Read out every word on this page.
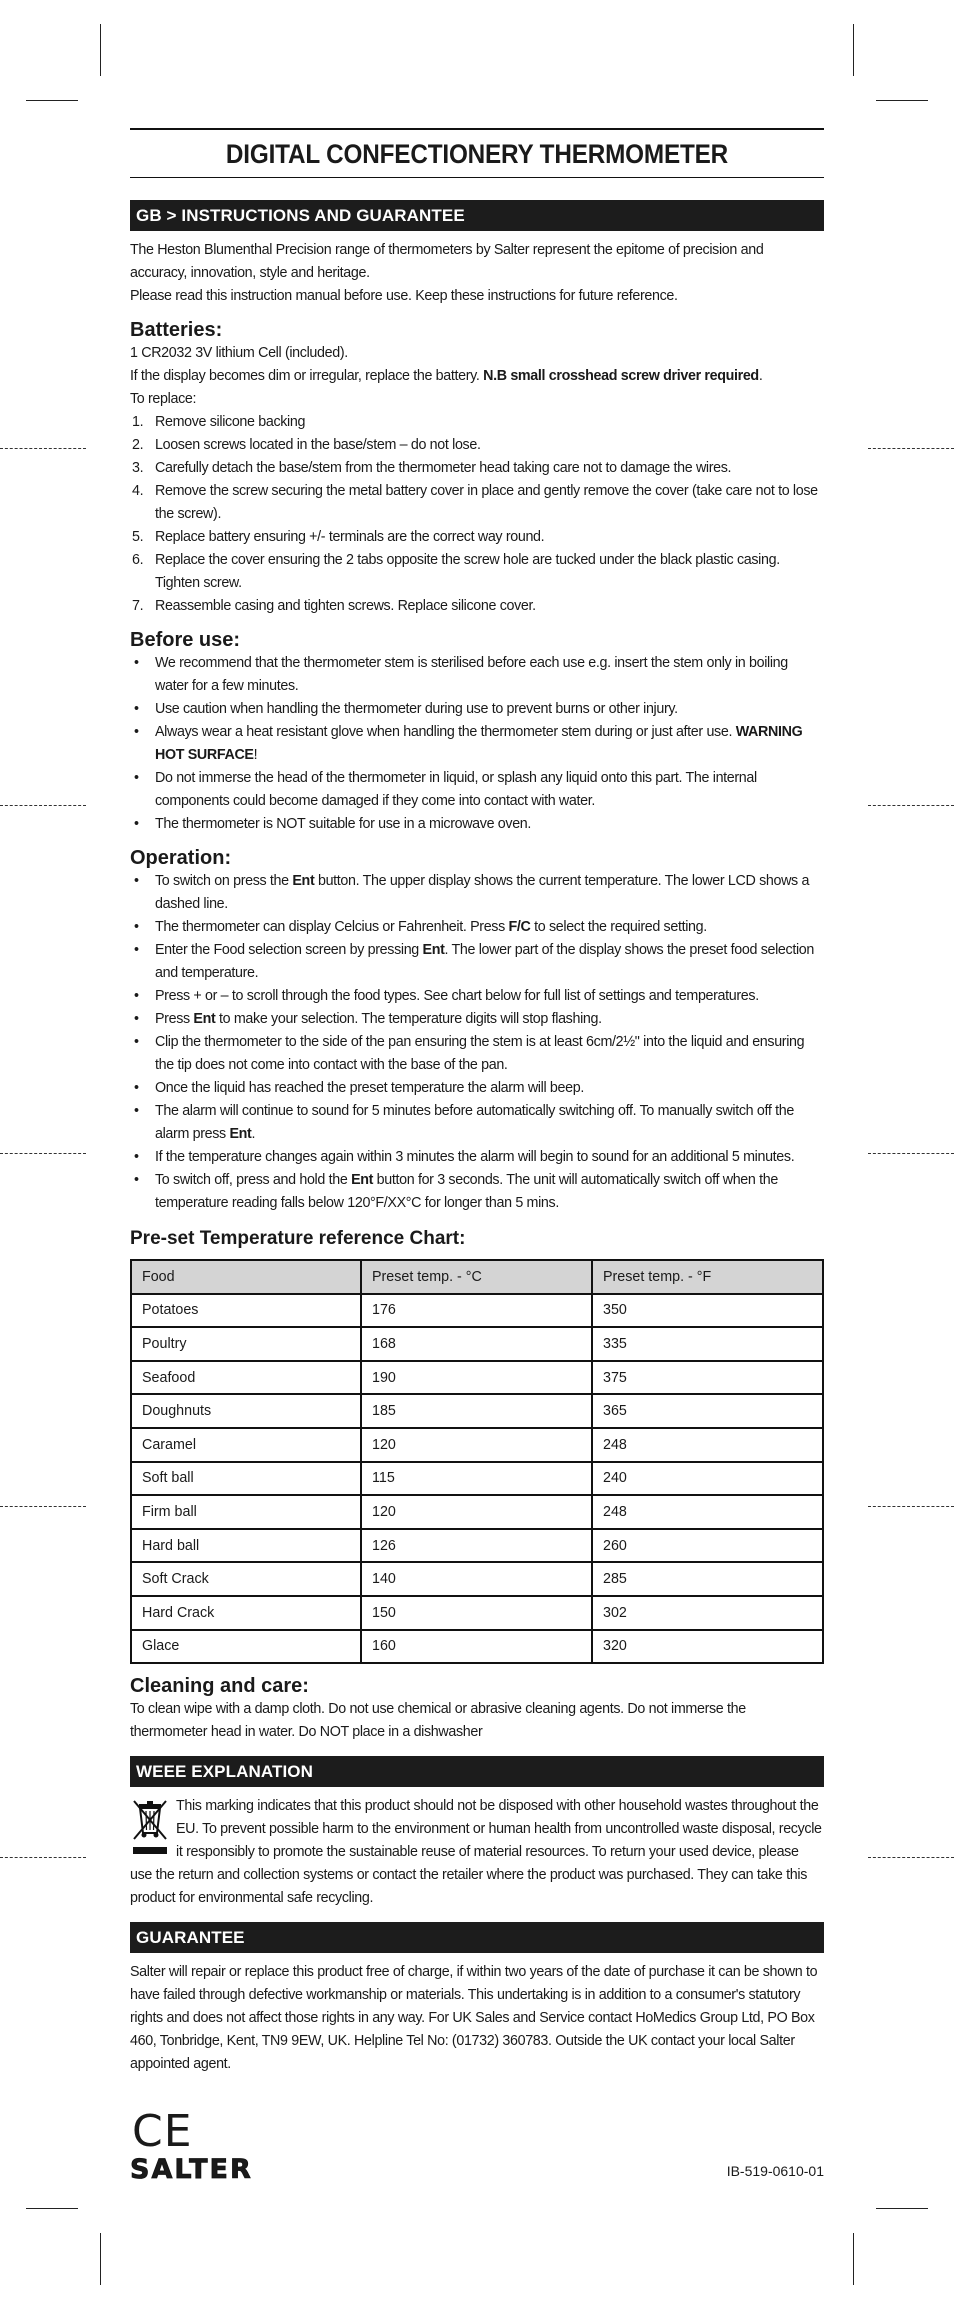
DIGITAL CONFECTIONERY THERMOMETER
GB > INSTRUCTIONS AND GUARANTEE

The Heston Blumenthal Precision range of thermometers by Salter represent the epitome of precision and accuracy, innovation, style and heritage.

Please read this instruction manual before use. Keep these instructions for future reference.

Batteries:

1 CR2032 3V lithium Cell (included).

If the display becomes dim or irregular, replace the battery. N.B small crosshead screw driver required.

To replace:

1. Remove silicone backing
2. Loosen screws located in the base/stem – do not lose.
3. Carefully detach the base/stem from the thermometer head taking care not to damage the wires.
4. Remove the screw securing the metal battery cover in place and gently remove the cover (take care not to lose the screw).
5. Replace battery ensuring +/- terminals are the correct way round.
6. Replace the cover ensuring the 2 tabs opposite the screw hole are tucked under the black plastic casing. Tighten screw.
7. Reassemble casing and tighten screws. Replace silicone cover.
Before use:
• We recommend that the thermometer stem is sterilised before each use e.g. insert the stem only in boiling water for a few minutes.
• Use caution when handling the thermometer during use to prevent burns or other injury.
• Always wear a heat resistant glove when handling the thermometer stem during or just after use. WARNING HOT SURFACE!
• Do not immerse the head of the thermometer in liquid, or splash any liquid onto this part. The internal components could become damaged if they come into contact with water.
• The thermometer is NOT suitable for use in a microwave oven.
Operation:
• To switch on press the Ent button. The upper display shows the current temperature. The lower LCD shows a dashed line.
• The thermometer can display Celcius or Fahrenheit. Press F/C to select the required setting.
• Enter the Food selection screen by pressing Ent. The lower part of the display shows the preset food selection and temperature.
• Press + or – to scroll through the food types. See chart below for full list of settings and temperatures.
• Press Ent to make your selection. The temperature digits will stop flashing.
• Clip the thermometer to the side of the pan ensuring the stem is at least 6cm/2½" into the liquid and ensuring the tip does not come into contact with the base of the pan.
• Once the liquid has reached the preset temperature the alarm will beep.
• The alarm will continue to sound for 5 minutes before automatically switching off. To manually switch off the alarm press Ent.
• If the temperature changes again within 3 minutes the alarm will begin to sound for an additional 5 minutes.
• To switch off, press and hold the Ent button for 3 seconds. The unit will automatically switch off when the temperature reading falls below 120°F/XX°C for longer than 5 mins.
Pre-set Temperature reference Chart:
Food	Preset temp. - °C	Preset temp. - °F
Potatoes	176	350
Poultry	168	335
Seafood	190	375
Doughnuts	185	365
Caramel	120	248
Soft ball	115	240
Firm ball	120	248
Hard ball	126	260
Soft Crack	140	285
Hard Crack	150	302
Glace	160	320
Cleaning and care:

To clean wipe with a damp cloth. Do not use chemical or abrasive cleaning agents. Do not immerse the thermometer head in water. Do NOT place in a dishwasher

WEEE EXPLANATION

This marking indicates that this product should not be disposed with other household wastes throughout the EU. To prevent possible harm to the environment or human health from uncontrolled waste disposal, recycle it responsibly to promote the sustainable reuse of material resources. To return your used device, please use the return and collection systems or contact the retailer where the product was purchased. They can take this product for environmental safe recycling.

GUARANTEE

Salter will repair or replace this product free of charge, if within two years of the date of purchase it can be shown to have failed through defective workmanship or materials. This undertaking is in addition to a consumer's statutory rights and does not affect those rights in any way. For UK Sales and Service contact HoMedics Group Ltd, PO Box 460, Tonbridge, Kent, TN9 9EW, UK. Helpline Tel No: (01732) 360783. Outside the UK contact your local Salter appointed agent.

CE
SALTER	IB-519-0610-01
